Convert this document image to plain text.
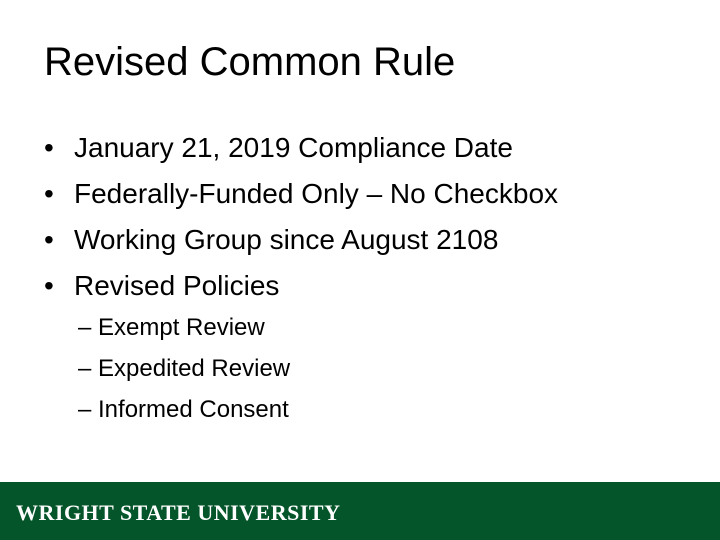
Revised Common Rule
• January 21, 2019 Compliance Date
• Federally-Funded Only – No Checkbox
• Working Group since August 2108
• Revised Policies
– Exempt Review
– Expedited Review
– Informed Consent
WRIGHT STATE UNIVERSITY
